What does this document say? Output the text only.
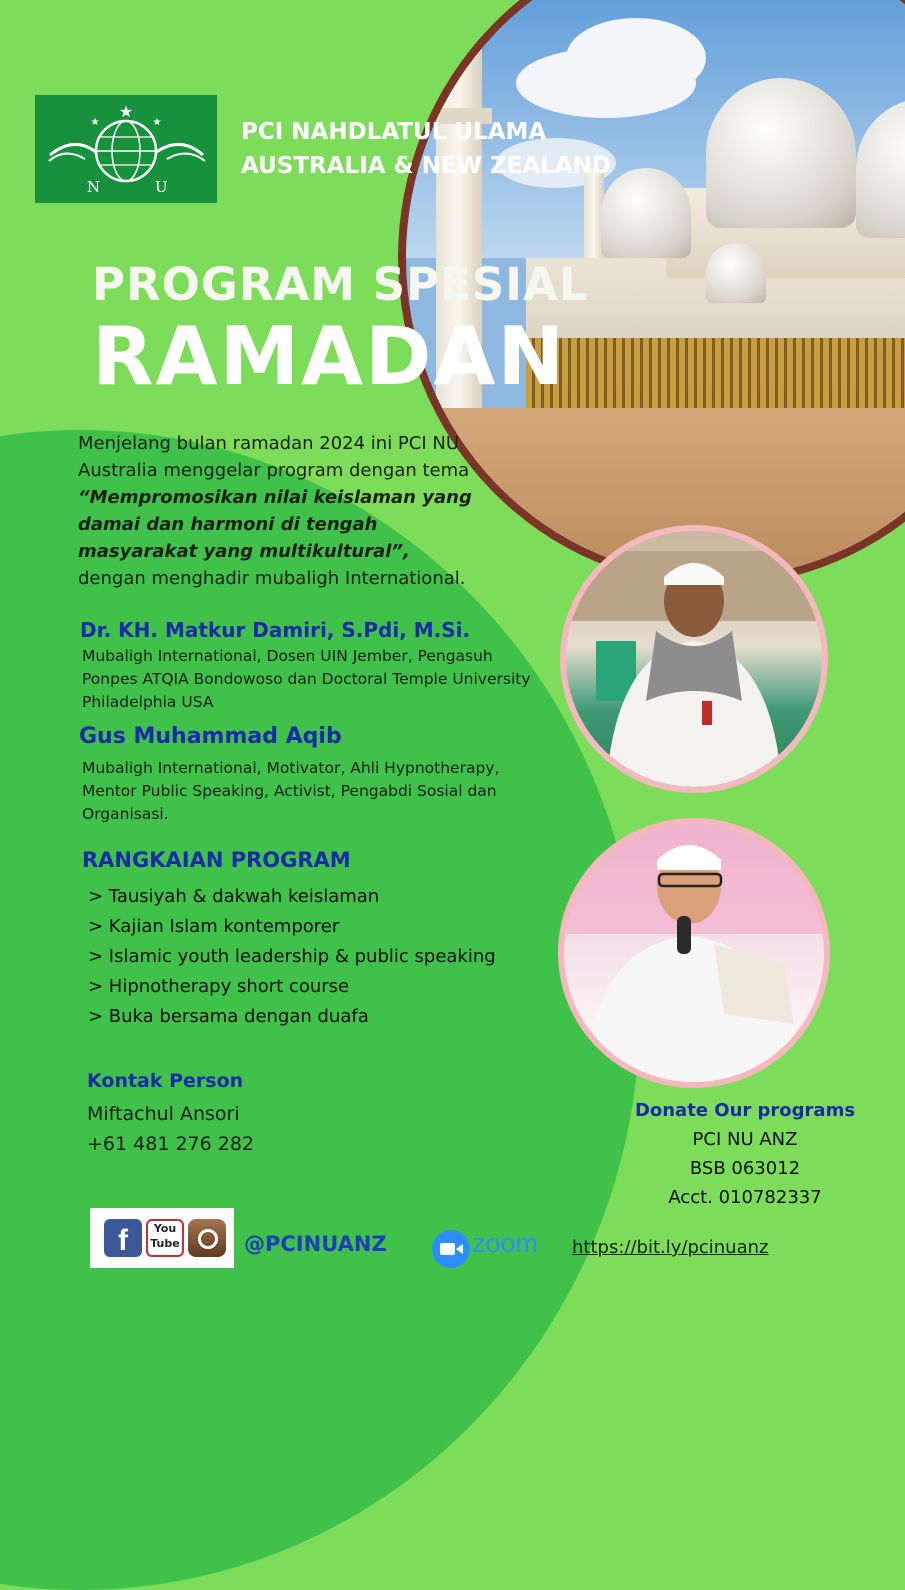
★
★	★
N	U
PCI NAHDLATUL ULAMA
AUSTRALIA & NEW ZEALAND
PROGRAM SPESIAL
RAMADAN
Menjelang bulan ramadan 2024 ini PCI NU Australia menggelar program dengan tema “Mempromosikan nilai keislaman yang damai dan harmoni di tengah masyarakat yang multikultural”, dengan menghadir mubaligh International.
Dr. KH. Matkur Damiri, S.Pdi, M.Si.
Mubaligh International, Dosen UIN Jember, Pengasuh Ponpes ATQIA Bondowoso dan Doctoral Temple University Philadelphia USA
Gus Muhammad Aqib
Mubaligh International, Motivator, Ahli Hypnotherapy, Mentor Public Speaking, Activist, Pengabdi Sosial dan Organisasi.
RANGKAIAN PROGRAM
> Tausiyah & dakwah keislaman
> Kajian Islam kontemporer
> Islamic youth leadership & public speaking
> Hipnotherapy short course
> Buka bersama dengan duafa
Kontak Person
Miftachul Ansori
+61 481 276 282
Donate Our programs
PCI NU ANZ
BSB 063012
Acct. 010782337
f	You Tube	@PCINUANZ	zoom https://bit.ly/pcinuanz
